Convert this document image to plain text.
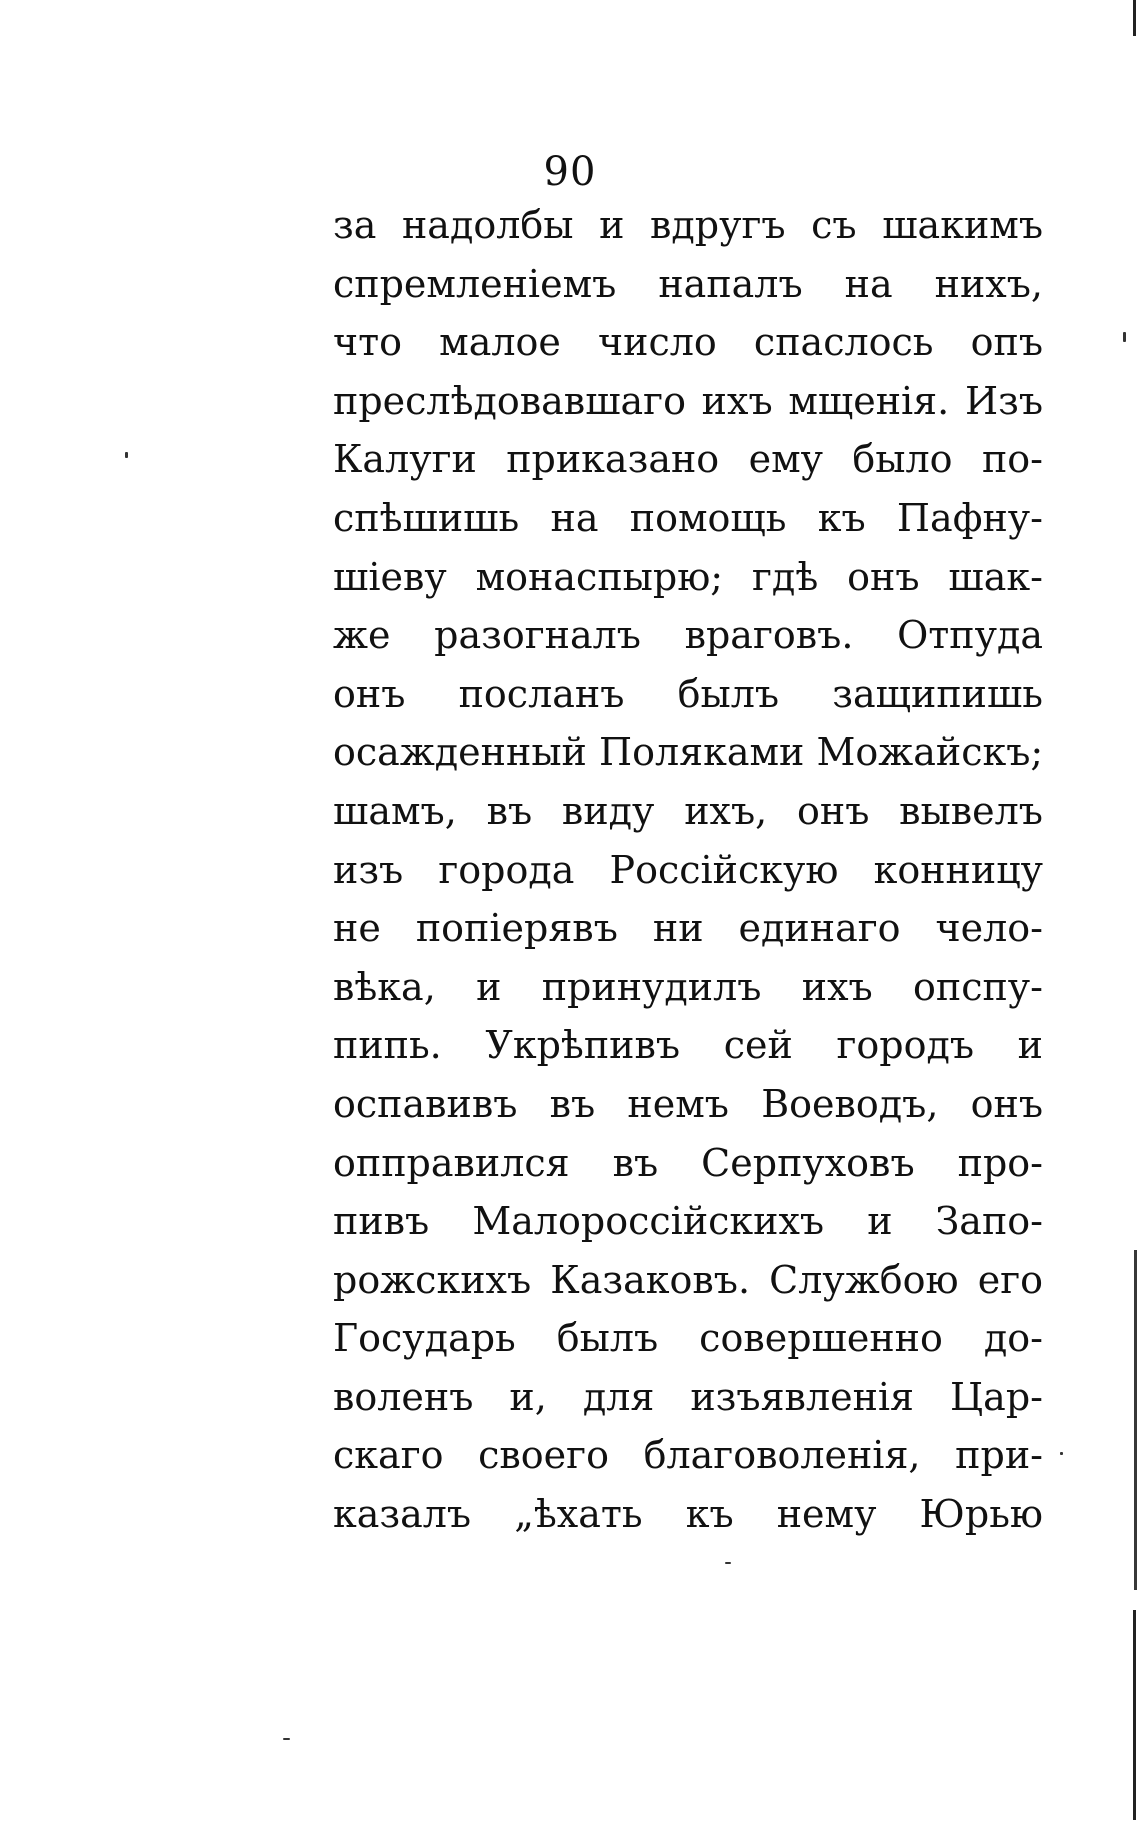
90
за надолбы и вдругъ съ шакимъ
спремленіемъ напалъ на нихъ,
что малое число спаслось опъ
преслѣдовавшаго ихъ мщенія. Изъ
Калуги приказано ему было по-
спѣшишь на помощь къ Пафну-
шіеву монаспырю; гдѣ онъ шак-
же разогналъ враговъ. Отпуда
онъ посланъ былъ защипишь
осажденный Поляками Можайскъ;
шамъ, въ виду ихъ, онъ вывелъ
изъ города Россійскую конницу
не попіерявъ ни единаго чело-
вѣка, и принудилъ ихъ опспу-
пипь. Укрѣпивъ сей городъ и
оспавивъ въ немъ Воеводъ, онъ
опправился въ Серпуховъ про-
пивъ Малороссійскихъ и Запо-
рожскихъ Казаковъ. Службою его
Государь былъ совершенно до-
воленъ и, для изъявленія Цар-
скаго своего благоволенія, при-
казалъ „ѣхать къ нему Юрью
